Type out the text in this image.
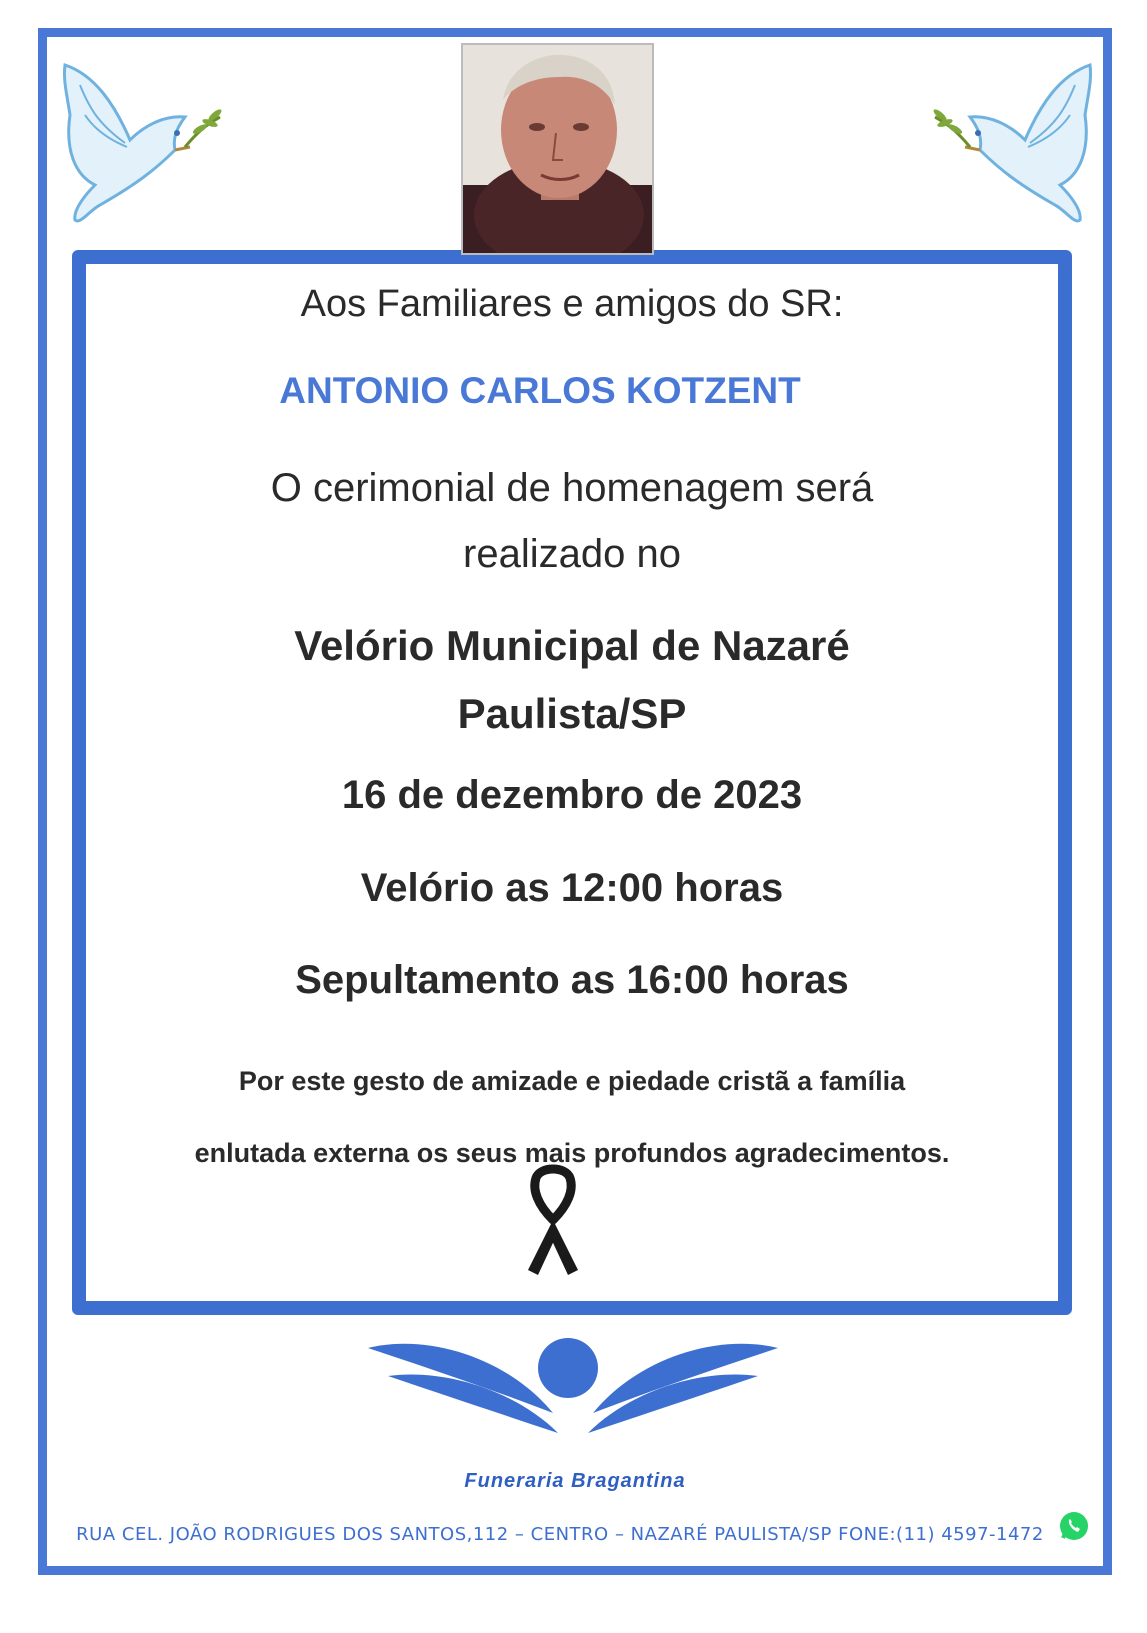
Aos Familiares e amigos do SR:

ANTONIO CARLOS KOTZENT

O cerimonial de homenagem será
realizado no
Velório Municipal de Nazaré
Paulista/SP

16 de dezembro de 2023

Velório as 12:00 horas

Sepultamento as 16:00 horas

Por este gesto de amizade e piedade cristã a família
enlutada externa os seus mais profundos agradecimentos.
Funeraria Bragantina
RUA CEL. JOÃO RODRIGUES DOS SANTOS,112 – CENTRO – NAZARÉ PAULISTA/SP FONE:(11) 4597-1472
